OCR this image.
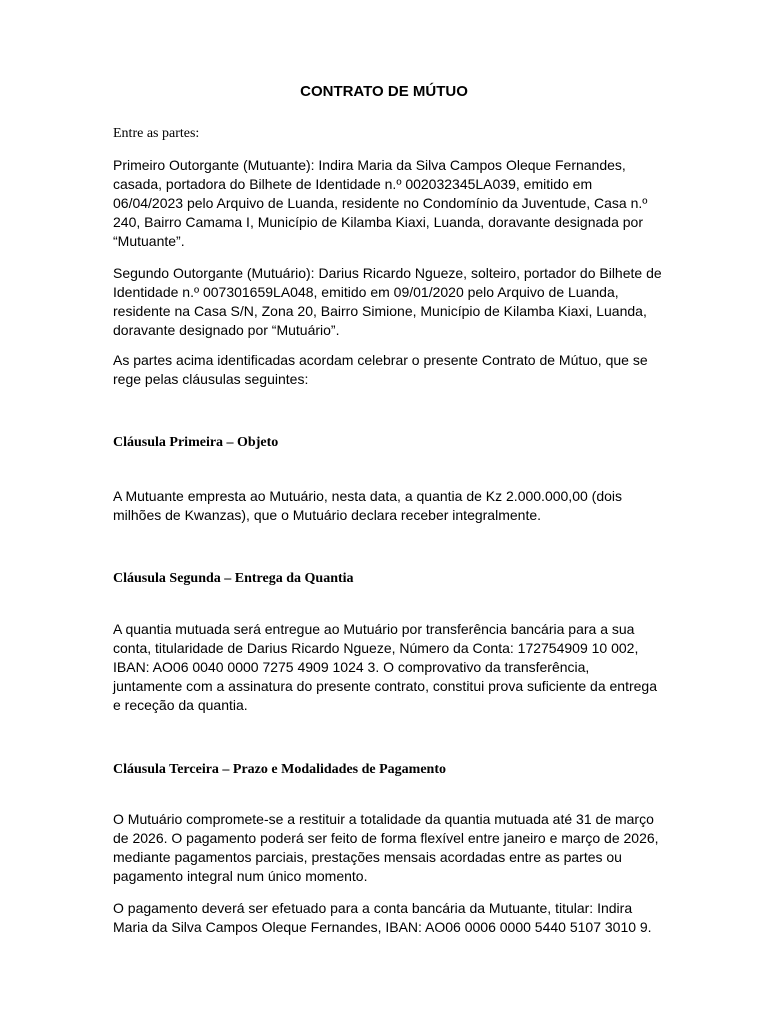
CONTRATO DE MÚTUO
Entre as partes:
Primeiro Outorgante (Mutuante): Indira Maria da Silva Campos Oleque Fernandes,
casada, portadora do Bilhete de Identidade n.º 002032345LA039, emitido em
06/04/2023 pelo Arquivo de Luanda, residente no Condomínio da Juventude, Casa n.º
240, Bairro Camama I, Município de Kilamba Kiaxi, Luanda, doravante designada por
“Mutuante”.
Segundo Outorgante (Mutuário): Darius Ricardo Ngueze, solteiro, portador do Bilhete de
Identidade n.º 007301659LA048, emitido em 09/01/2020 pelo Arquivo de Luanda,
residente na Casa S/N, Zona 20, Bairro Simione, Município de Kilamba Kiaxi, Luanda,
doravante designado por “Mutuário”.
As partes acima identificadas acordam celebrar o presente Contrato de Mútuo, que se
rege pelas cláusulas seguintes:
Cláusula Primeira – Objeto
A Mutuante empresta ao Mutuário, nesta data, a quantia de Kz 2.000.000,00 (dois
milhões de Kwanzas), que o Mutuário declara receber integralmente.
Cláusula Segunda – Entrega da Quantia
A quantia mutuada será entregue ao Mutuário por transferência bancária para a sua
conta, titularidade de Darius Ricardo Ngueze, Número da Conta: 172754909 10 002,
IBAN: AO06 0040 0000 7275 4909 1024 3. O comprovativo da transferência,
juntamente com a assinatura do presente contrato, constitui prova suficiente da entrega
e receção da quantia.
Cláusula Terceira – Prazo e Modalidades de Pagamento
O Mutuário compromete-se a restituir a totalidade da quantia mutuada até 31 de março
de 2026. O pagamento poderá ser feito de forma flexível entre janeiro e março de 2026,
mediante pagamentos parciais, prestações mensais acordadas entre as partes ou
pagamento integral num único momento.
O pagamento deverá ser efetuado para a conta bancária da Mutuante, titular: Indira
Maria da Silva Campos Oleque Fernandes, IBAN: AO06 0006 0000 5440 5107 3010 9.
